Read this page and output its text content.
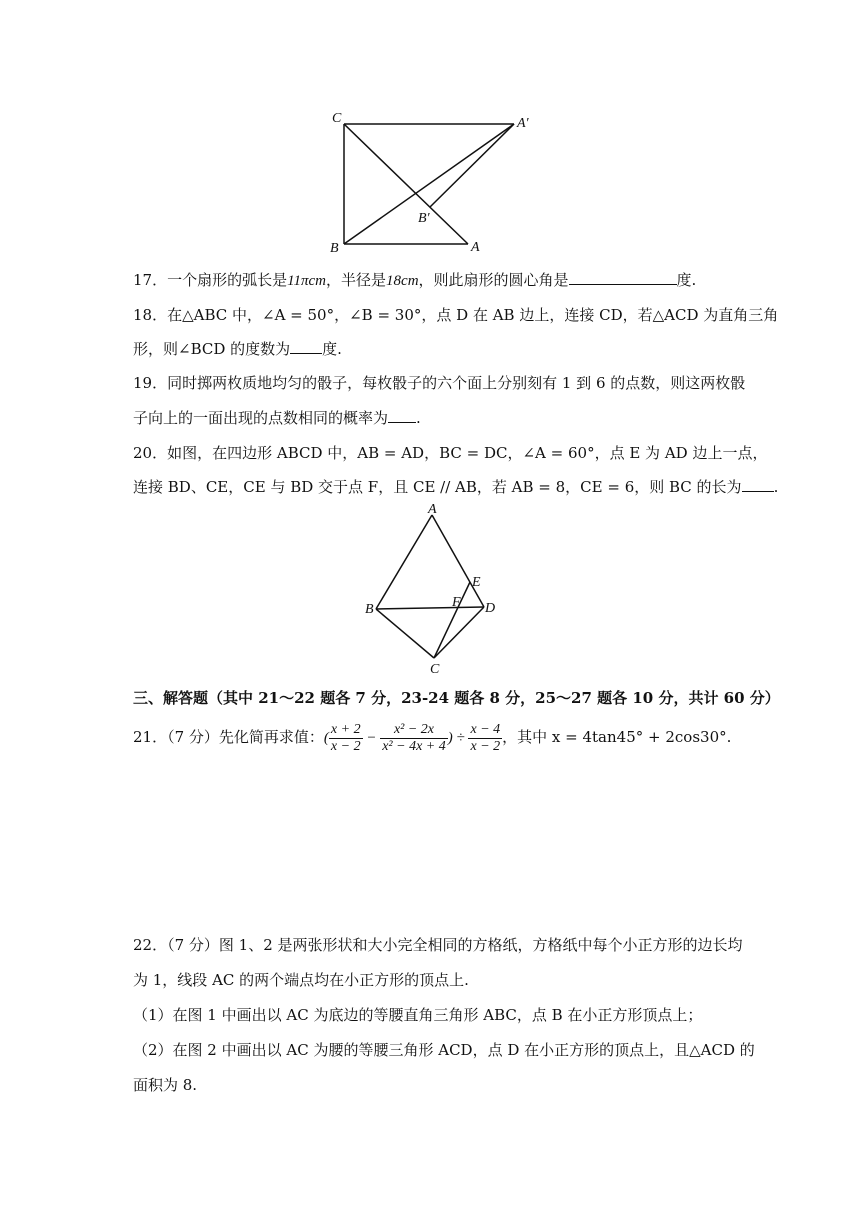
C	A′
B′
B	A
17．一个扇形的弧长是11πcm，半径是18cm，则此扇形的圆心角是	度.
18．在△ABC 中，∠A = 50°，∠B = 30°，点 D 在 AB 边上，连接 CD，若△ACD 为直角三角
形，则∠BCD 的度数为 度.
19．同时掷两枚质地均匀的骰子，每枚骰子的六个面上分别刻有 1 到 6 的点数，则这两枚骰
子向上的一面出现的点数相同的概率为 .
20．如图，在四边形 ABCD 中，AB = AD，BC = DC，∠A = 60°，点 E 为 AD 边上一点，
连接 BD、CE，CE 与 BD 交于点 F，且 CE // AB，若 AB = 8，CE = 6，则 BC 的长为 .
A
E
B	F D
C
三、解答题（其中 21～22 题各 7 分，23-24 题各 8 分，25～27 题各 10 分，共计 60 分）
21．（7 分）先化简再求值：( $\frac{x + 2}{x - 2} - \frac{\text{x² − 2x}}{\text{x² − 4x + 4}}$ ) ÷ $\frac{x - 4}{x - 2}$ ，其中 x = 4tan45° + 2cos30°.
22．（7 分）图 1、2 是两张形状和大小完全相同的方格纸，方格纸中每个小正方形的边长均
为 1，线段 AC 的两个端点均在小正方形的顶点上.
（1）在图 1 中画出以 AC 为底边的等腰直角三角形 ABC，点 B 在小正方形顶点上；
（2）在图 2 中画出以 AC 为腰的等腰三角形 ACD，点 D 在小正方形的顶点上，且△ACD 的
面积为 8.
